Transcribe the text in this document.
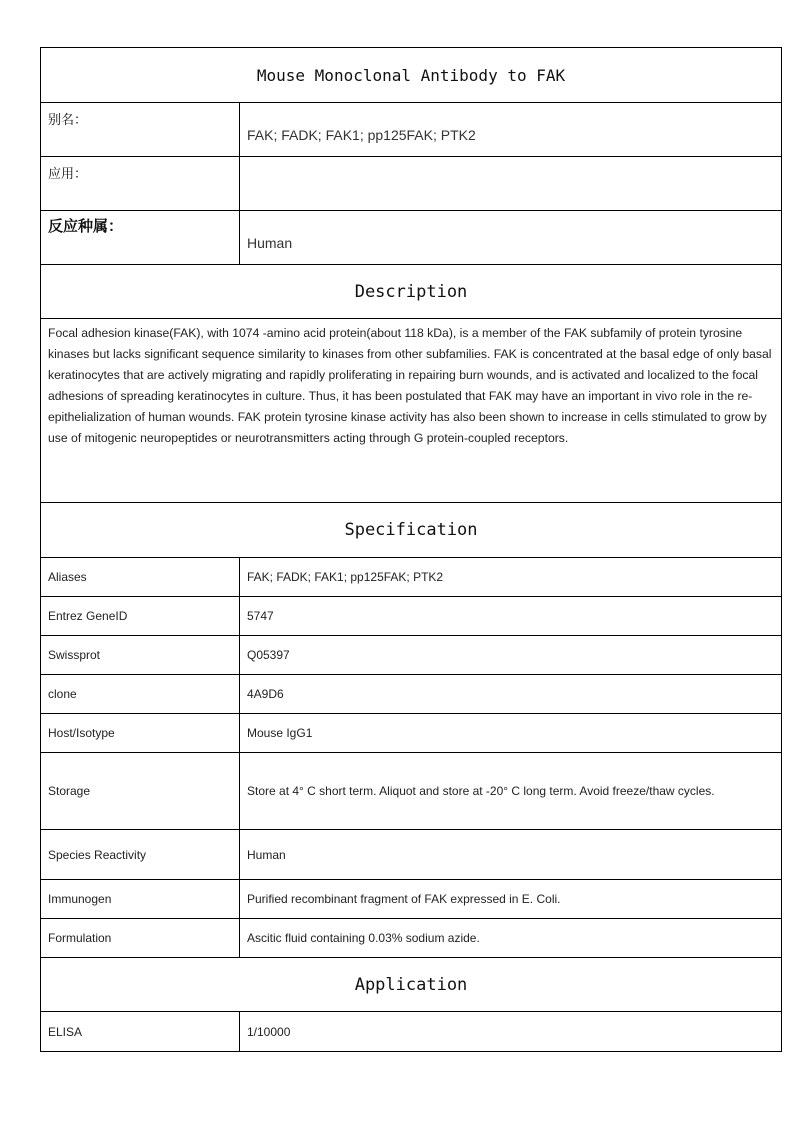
Mouse Monoclonal Antibody to FAK	
别名：	FAK; FADK; FAK1; pp125FAK; PTK2
应用：	
反应种属：	Human
Description	
Focal adhesion kinase(FAK), with 1074 -amino acid protein(about 118 kDa), is a member of the FAK subfamily of protein tyrosine kinases but lacks significant sequence similarity to kinases from other subfamilies. FAK is concentrated at the basal edge of only basal keratinocytes that are actively migrating and rapidly proliferating in repairing burn wounds, and is activated and localized to the focal adhesions of spreading keratinocytes in culture. Thus, it has been postulated that FAK may have an important in vivo role in the re-epithelialization of human wounds. FAK protein tyrosine kinase activity has also been shown to increase in cells stimulated to grow by use of mitogenic neuropeptides or neurotransmitters acting through G protein-coupled receptors.	
Specification	
Aliases	FAK; FADK; FAK1; pp125FAK; PTK2
Entrez GeneID	5747
Swissprot	Q05397
clone	4A9D6
Host/Isotype	Mouse IgG1
Storage	Store at 4° C short term. Aliquot and store at -20° C long term. Avoid freeze/thaw cycles.
Species Reactivity	Human
Immunogen	Purified recombinant fragment of FAK expressed in E. Coli.
Formulation	Ascitic fluid containing 0.03% sodium azide.
Application	
ELISA	1/10000
